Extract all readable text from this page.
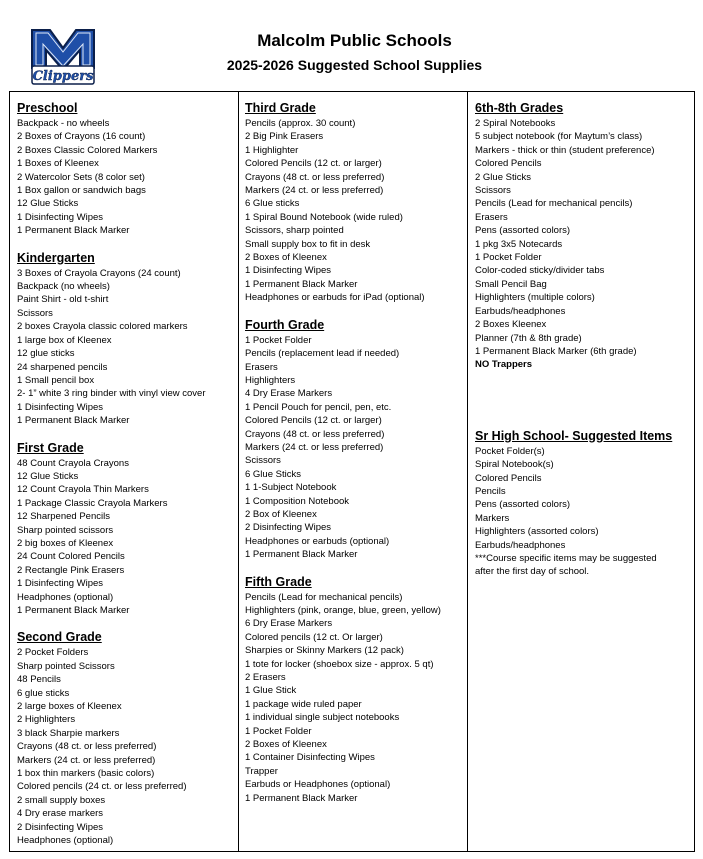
Clippers
Malcolm Public Schools
2025-2026 Suggested School Supplies
Preschool
Backpack - no wheels
2 Boxes of Crayons (16 count)
2 Boxes Classic Colored Markers
1 Boxes of Kleenex
2 Watercolor Sets (8 color set)
1 Box gallon or sandwich bags
12 Glue Sticks
1 Disinfecting Wipes
1 Permanent Black Marker
Kindergarten
3 Boxes of Crayola Crayons (24 count)
Backpack (no wheels)
Paint Shirt - old t-shirt
Scissors
2 boxes Crayola classic colored markers
1 large box of Kleenex
12 glue sticks
24 sharpened pencils
1 Small pencil box
2- 1” white 3 ring binder with vinyl view cover
1 Disinfecting Wipes
1 Permanent Black Marker
First Grade
48 Count Crayola Crayons
12 Glue Sticks
12 Count Crayola Thin Markers
1 Package Classic Crayola Markers
12 Sharpened Pencils
Sharp pointed scissors
2 big boxes of Kleenex
24 Count Colored Pencils
2 Rectangle Pink Erasers
1 Disinfecting Wipes
Headphones (optional)
1 Permanent Black Marker
Second Grade
2 Pocket Folders
Sharp pointed Scissors
48 Pencils
6 glue sticks
2 large boxes of Kleenex
2 Highlighters
3 black Sharpie markers
Crayons (48 ct. or less preferred)
Markers (24 ct. or less preferred)
1 box thin markers (basic colors)
Colored pencils (24 ct. or less preferred)
2 small supply boxes
4 Dry erase markers
2 Disinfecting Wipes
Headphones (optional)
Third Grade
Pencils (approx. 30 count)
2 Big Pink Erasers
1 Highlighter
Colored Pencils (12 ct. or larger)
Crayons (48 ct. or less preferred)
Markers (24 ct. or less preferred)
6 Glue sticks
1 Spiral Bound Notebook (wide ruled)
Scissors, sharp pointed
Small supply box to fit in desk
2 Boxes of Kleenex
1 Disinfecting Wipes
1 Permanent Black Marker
Headphones or earbuds for iPad (optional)
Fourth Grade
1 Pocket Folder
Pencils (replacement lead if needed)
Erasers
Highlighters
4 Dry Erase Markers
1 Pencil Pouch for pencil, pen, etc.
Colored Pencils (12 ct. or larger)
Crayons (48 ct. or less preferred)
Markers (24 ct. or less preferred)
Scissors
6 Glue Sticks
1 1-Subject Notebook
1 Composition Notebook
2 Box of Kleenex
2 Disinfecting Wipes
Headphones or earbuds (optional)
1 Permanent Black Marker
Fifth Grade
Pencils (Lead for mechanical pencils)
Highlighters (pink, orange, blue, green, yellow)
6 Dry Erase Markers
Colored pencils (12 ct. Or larger)
Sharpies or Skinny Markers (12 pack)
1 tote for locker (shoebox size - approx. 5 qt)
2 Erasers
1 Glue Stick
1 package wide ruled paper
1 individual single subject notebooks
1 Pocket Folder
2 Boxes of Kleenex
1 Container Disinfecting Wipes
Trapper
Earbuds or Headphones (optional)
1 Permanent Black Marker
6th-8th Grades
2 Spiral Notebooks
5 subject notebook (for Maytum’s class)
Markers - thick or thin (student preference)
Colored Pencils
2 Glue Sticks
Scissors
Pencils (Lead for mechanical pencils)
Erasers
Pens (assorted colors)
1 pkg 3x5 Notecards
1 Pocket Folder
Color-coded sticky/divider tabs
Small Pencil Bag
Highlighters (multiple colors)
Earbuds/headphones
2 Boxes Kleenex
Planner (7th & 8th grade)
1 Permanent Black Marker (6th grade)
NO Trappers
Sr High School- Suggested Items
Pocket Folder(s)
Spiral Notebook(s)
Colored Pencils
Pencils
Pens (assorted colors)
Markers
Highlighters (assorted colors)
Earbuds/headphones
***Course specific items may be suggested
after the first day of school.
